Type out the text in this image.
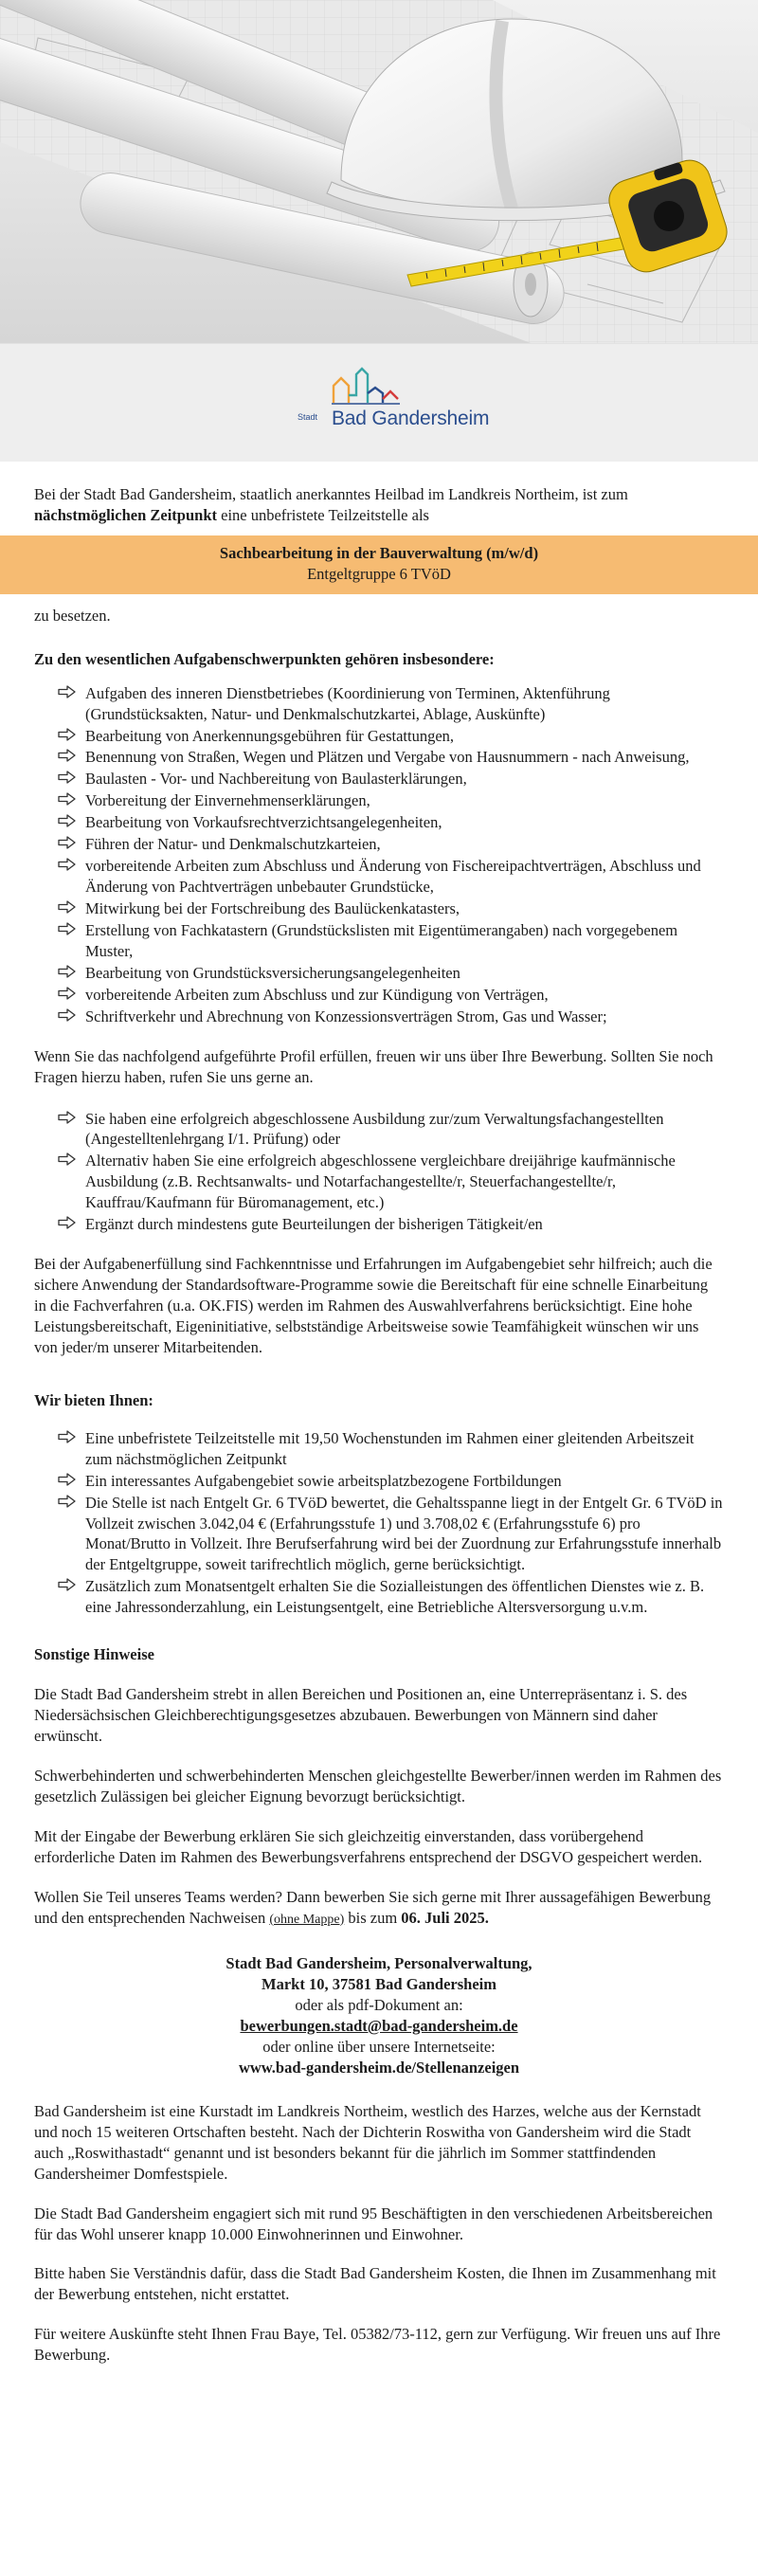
Stadt Bad Gandersheim

Bei der Stadt Bad Gandersheim, staatlich anerkanntes Heilbad im Landkreis Northeim, ist zum nächstmöglichen Zeitpunkt eine unbefristete Teilzeitstelle als

Sachbearbeitung in der Bauverwaltung (m/w/d)
Entgeltgruppe 6 TVöD

zu besetzen.

Zu den wesentlichen Aufgabenschwerpunkten gehören insbesondere:

Aufgaben des inneren Dienstbetriebes (Koordinierung von Terminen, Aktenführung (Grundstücksakten, Natur- und Denkmalschutzkartei, Ablage, Auskünfte)
Bearbeitung von Anerkennungsgebühren für Gestattungen,
Benennung von Straßen, Wegen und Plätzen und Vergabe von Hausnummern - nach Anweisung,
Baulasten - Vor- und Nachbereitung von Baulasterklärungen,
Vorbereitung der Einvernehmenserklärungen,
Bearbeitung von Vorkaufsrechtverzichtsangelegenheiten,
Führen der Natur- und Denkmalschutzkarteien,
vorbereitende Arbeiten zum Abschluss und Änderung von Fischereipachtverträgen, Abschluss und Änderung von Pachtverträgen unbebauter Grundstücke,
Mitwirkung bei der Fortschreibung des Baulückenkatasters,
Erstellung von Fachkatastern (Grundstückslisten mit Eigentümerangaben) nach vorgegebenem Muster,
Bearbeitung von Grundstücksversicherungsangelegenheiten
vorbereitende Arbeiten zum Abschluss und zur Kündigung von Verträgen,
Schriftverkehr und Abrechnung von Konzessionsverträgen Strom, Gas und Wasser;

Wenn Sie das nachfolgend aufgeführte Profil erfüllen, freuen wir uns über Ihre Bewerbung. Sollten Sie noch Fragen hierzu haben, rufen Sie uns gerne an.

Sie haben eine erfolgreich abgeschlossene Ausbildung zur/zum Verwaltungsfachangestellten (Angestelltenlehrgang I/1. Prüfung) oder
Alternativ haben Sie eine erfolgreich abgeschlossene vergleichbare dreijährige kaufmännische Ausbildung (z.B. Rechtsanwalts- und Notarfachangestellte/r, Steuerfachangestellte/r, Kauffrau/Kaufmann für Büromanagement, etc.)
Ergänzt durch mindestens gute Beurteilungen der bisherigen Tätigkeit/en

Bei der Aufgabenerfüllung sind Fachkenntnisse und Erfahrungen im Aufgabengebiet sehr hilfreich; auch die sichere Anwendung der Standardsoftware-Programme sowie die Bereitschaft für eine schnelle Einarbeitung in die Fachverfahren (u.a. OK.FIS) werden im Rahmen des Auswahlverfahrens berücksichtigt. Eine hohe Leistungsbereitschaft, Eigeninitiative, selbstständige Arbeitsweise sowie Teamfähigkeit wünschen wir uns von jeder/m unserer Mitarbeitenden.

Wir bieten Ihnen:

Eine unbefristete Teilzeitstelle mit 19,50 Wochenstunden im Rahmen einer gleitenden Arbeitszeit zum nächstmöglichen Zeitpunkt
Ein interessantes Aufgabengebiet sowie arbeitsplatzbezogene Fortbildungen
Die Stelle ist nach Entgelt Gr. 6 TVöD bewertet, die Gehaltsspanne liegt in der Entgelt Gr. 6 TVöD in Vollzeit zwischen 3.042,04 € (Erfahrungsstufe 1) und 3.708,02 € (Erfahrungsstufe 6) pro Monat/Brutto in Vollzeit. Ihre Berufserfahrung wird bei der Zuordnung zur Erfahrungsstufe innerhalb der Entgeltgruppe, soweit tarifrechtlich möglich, gerne berücksichtigt.
Zusätzlich zum Monatsentgelt erhalten Sie die Sozialleistungen des öffentlichen Dienstes wie z. B. eine Jahressonderzahlung, ein Leistungsentgelt, eine Betriebliche Altersversorgung u.v.m.

Sonstige Hinweise

Die Stadt Bad Gandersheim strebt in allen Bereichen und Positionen an, eine Unterrepräsentanz i. S. des Niedersächsischen Gleichberechtigungsgesetzes abzubauen. Bewerbungen von Männern sind daher erwünscht.

Schwerbehinderten und schwerbehinderten Menschen gleichgestellte Bewerber/innen werden im Rahmen des gesetzlich Zulässigen bei gleicher Eignung bevorzugt berücksichtigt.

Mit der Eingabe der Bewerbung erklären Sie sich gleichzeitig einverstanden, dass vorübergehend erforderliche Daten im Rahmen des Bewerbungsverfahrens entsprechend der DSGVO gespeichert werden.

Wollen Sie Teil unseres Teams werden? Dann bewerben Sie sich gerne mit Ihrer aussagefähigen Bewerbung und den entsprechenden Nachweisen (ohne Mappe) bis zum 06. Juli 2025.

Stadt Bad Gandersheim, Personalverwaltung,
Markt 10, 37581 Bad Gandersheim
oder als pdf-Dokument an:
bewerbungen.stadt@bad-gandersheim.de
oder online über unsere Internetseite:
www.bad-gandersheim.de/Stellenanzeigen

Bad Gandersheim ist eine Kurstadt im Landkreis Northeim, westlich des Harzes, welche aus der Kernstadt und noch 15 weiteren Ortschaften besteht. Nach der Dichterin Roswitha von Gandersheim wird die Stadt auch „Roswithastadt“ genannt und ist besonders bekannt für die jährlich im Sommer stattfindenden Gandersheimer Domfestspiele.

Die Stadt Bad Gandersheim engagiert sich mit rund 95 Beschäftigten in den verschiedenen Arbeitsbereichen für das Wohl unserer knapp 10.000 Einwohnerinnen und Einwohner.

Bitte haben Sie Verständnis dafür, dass die Stadt Bad Gandersheim Kosten, die Ihnen im Zusammenhang mit der Bewerbung entstehen, nicht erstattet.

Für weitere Auskünfte steht Ihnen Frau Baye, Tel. 05382/73-112, gern zur Verfügung. Wir freuen uns auf Ihre Bewerbung.
